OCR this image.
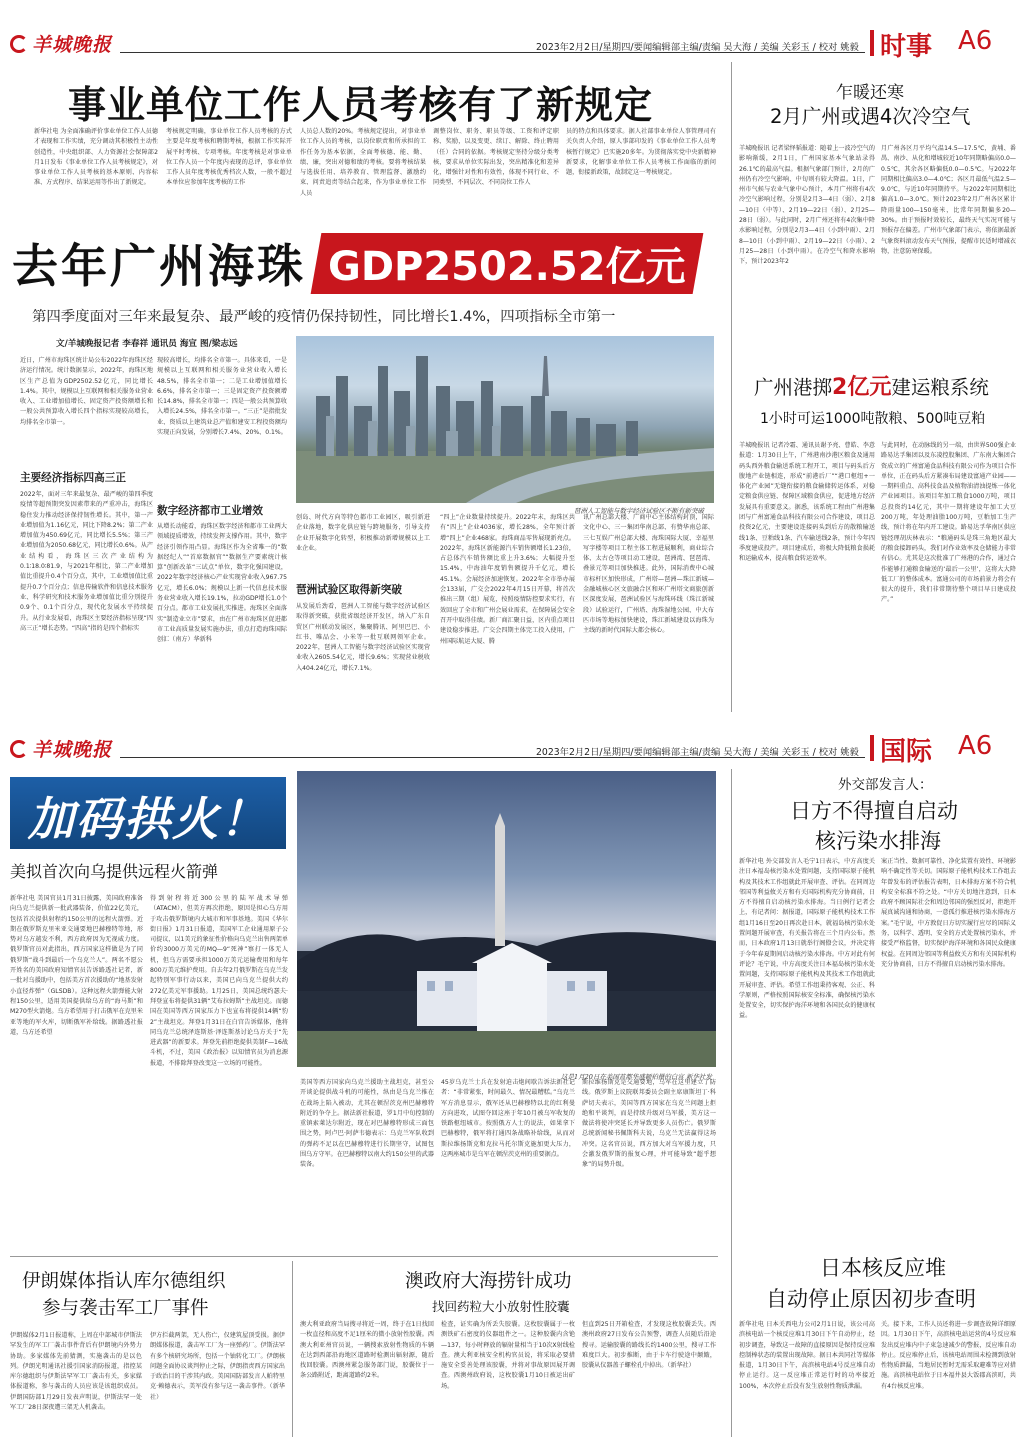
羊城晚报	2023年2月2日/星期四/要闻编辑部主编/责编 吴大海 / 美编 关彩玉 / 校对 姚毅 时事 A6
事业单位工作人员考核有了新规定
新华社电 为全面准确评价事业单位工作人员德才表现和工作实绩，充分调动其积极性主动性创造性，中央组织部、人力资源社会保障部2月1日发布《事业单位工作人员考核规定》，对事业单位工作人员考核的基本原则、内容标准、方式程序、结果运用等作出了新规定。
考核规定明确，事业单位工作人员考核的方式主要是年度考核和聘期考核，根据工作实际开展平时考核、专项考核。年度考核是对事业单位工作人员一个年度内表现的总评，事业单位工作人员年度考核优秀档次人数，一般不超过本单位应参加年度考核的工作
人员总人数的20%。考核规定提出，对事业单位工作人员的考核，以岗位职责和所承担的工作任务为基本依据，全面考核德、能、勤、绩、廉，突出对德和绩的考核。要将考核结果与选拔任用、培养教育、管理监督、激励约束、问责追责等结合起来，作为事业单位工作人员
调整岗位、职务、职员等级、工资和评定职称、奖励，以及变更、续订、解除、终止聘用（任）合同的依据。考核规定坚持分级分类考核，要求从单位实际出发，突出精准化和差异化，增强针对性和有效性，体现不同行业、不同类型、不同层次、不同岗位工作人
员的特点和具体要求。据人社部事业单位人事管理司有关负责人介绍，原人事部印发的《事业单位工作人员考核暂行规定》已实施20多年。为贯彻落实党中央新精神新要求，化解事业单位工作人员考核工作面临的新问题，衔接新政策，故制定这一考核规定。
去年广州海珠 GDP2502.52亿元
第四季度面对三年来最复杂、最严峻的疫情仍保持韧性，同比增长1.4%，四项指标全市第一
文/羊城晚报记者 李春祥 通讯员 海宣 图/梁志远
琶洲人工智能与数字经济试验区不断有新突破
近日，广州市海珠区统计局公布2022年海珠区经济运行情况。统计数据显示，2022年，海珠区地区生产总值为GDP2502.52亿元，同比增长1.4%。其中，规模以上互联网和相关服务业营业收入、工业增加值增长、固定资产投资额增长和一般公共预算收入增长四个指标实现较高增长，均排名全市第一。
主要经济指标四高三正
2022年，面对三年来最复杂、最严峻的第四季度疫情等超预期突发因素带来的严重冲击，海珠区稳住发力推动经济保持韧性增长。其中，第一产业增加值为1.16亿元，同比下降8.2%；第二产业增加值为450.69亿元，同比增长5.5%；第三产业增加值为2050.68亿元，同比增长0.6%。从产业结构看，海珠区三次产业结构为0.1∶18.0∶81.9，与2021年相比，第二产业增加值比重提升0.4个百分点，其中，工业增加值比重提升0.7个百分点；信息传输软件和信息技术服务业、科学研究和技术服务业增加值比重分别提升0.9个、0.1个百分点，现代化发展水平持续提升。从行业发展看，海珠区主要经济指标呈现“四高三正”增长态势。“四高”指的是四个指标实
现较高增长，均排名全市第一。具体来看，一是规模以上互联网和相关服务业营业收入增长48.5%，排名全市第一；二是工业增加值增长6.6%，排名全市第一；三是固定资产投资额增长14.8%，排名全市第一；四是一般公共预算收入增长24.5%，排名全市第一。“三正”是指批发业、资质以上建筑业总产值和建安工程投资额均实现正向发展，分别增长7.4%、20%、0.1%。
数字经济都市工业增效
从增长动能看，海珠区数字经济和都市工业两大领域提质增效，持续发挥支撑作用。其中，数字经济引领作用凸显。海珠区作为全省唯一的“数据经纪人”“首席数据官”“数据生产要素统计核算”创新改革“三试点”单位，数字化强国建设，2022年数字经济核心产业实现营业收入967.75亿元，增长6.0%；规模以上新一代信息技术服务业营业收入增长19.1%，拉动GDP增长1.0个百分点。都市工业发展扎实推进。海珠区全面落实“制造业立市”要求，由在广州市海珠区促进都市工业高质量发展实施办法，重点打造海珠国际创汇（南方）华新科
创岛、时代方向等特色都市工业园区，吸引新进企业落地，数字化供应链与跨境服务，引导支持企业开展数字化转型，积极推动新增规模以上工业企业。
琶洲试验区取得新突破
从发展后劲看，琶洲人工智能与数字经济试验区取得新突破，获批省级经济开发区，纳入广东自贸区广州联动发展区，集聚腾讯、阿里巴巴、小红书、唯品会、小米等一批互联网领军企业。2022年，琶洲人工智能与数字经济试验区实现营业收入2605.54亿元，增长9.6%；实现营业税收入404.24亿元，增长7.1%。
“四上”企业数量持续提升。2022年末，海珠区共有“四上”企业4036家，增长28%，全年预计新增“四上”企业468家。海珠商品零售展现新亮点。2022年，海珠区新能源汽车销售额增长1.23倍，占总体汽车销售额比重上升3.6%；大幅提升至15.4%，中海油年度销售额提升千亿元，增长45.1%。会展经济加速恢复。2022年全市举办展会133届，广交会2022年4月15日开幕，将首次推出三期（组）展览，按照疫情防控要求实行，有效回应了全市和广州会展业需求，在保障展会安全召开中取得佳绩。新厂商汇聚日益，区内重点项目建设稳步推进。广交会四期主体完工投入使用，广州国际航运大厦、腾
讯广州总部大楼、广商中心主体结构封顶，国际文化中心、三一集团华南总部、有赞华南总部、三七互娱广州总部大楼、海珠国际大厦、幸福里写字楼等项目工程主体工程进展顺利，商业综合体、太古仓等项目动工建设，琶洲湾、琶琶湾、叠景元等项目加快推进。此外，国际消费中心城市标杆区加快形成，广州塔—琶洲—珠江新城—金融城核心区文旅融合区和环广州塔文商旅创新区深度发展，琶洲试验区与海珠环线（珠江新城段）试验运行，广州塔、海珠湿地公园、中大布匹市场等地标加快建设，珠江新城建设以海珠为主线的新时代国际大都会核心。
乍暖还寒
2月广州或遇4次冷空气
羊城晚报讯 记者梁怿韬报道：随着上一波冷空气的影响渐缓，2月1日，广州国家基本气象站录得26.1℃的最高气温。根据气象部门预计，2月的广州仍有冷空气影响，中旬则有较大降温。1日，广州市气候与农业气象中心预计，本月广州将有4次冷空气影响过程，分别是2月3—4日（弱）、2月8—10日（中等）、2月19—22日（弱）、2月25—28日（弱）。与此同时，2月广州还将有4次集中降水影响过程，分别是2月3—4日（小到中雨）、2月8—10日（小到中雨）、2月19—22日（小雨）、2月25—28日（小到中雨）。在冷空气和降水影响下，预计2023年2
月广州各区月平均气温14.5—17.5℃，黄埔、番禺、南沙、从化和增城较近10年同期略偏高0.0—0.5℃，其余各区略偏低0.0—0.5℃。与2022年同期相比偏高3.0—4.0℃；各区月最低气温2.5—9.0℃，与近10年同期持平。与2022年同期相比偏高1.0—3.0℃。预计2023年2月广州各区累计降雨量100—150毫米，比常年同期偏多20—30%。由于预报时效较长，最终天气实况可能与预报存在偏差。广州市气象部门表示，将依据最新气象资料滚动发布天气预报，提醒市民适时增减衣物，注意防寒保暖。
广州港掷 2亿元 建运粮系统
1小时可运1000吨散粮、500吨豆粕
羊城晚报讯 记者冷霜、通讯员谢予亮、曹皓、李意报道：1月30日上午，广州港南沙港区粮食及通用码头西外粮食输送系统工程开工，项目与码头后方腹地产业链相连，形成“前港后厂”“港口枢纽+一体化产业园”无缝衔接的粮食输储转运体系，对稳定粮食供应链、保障区域粮食供应，促进地方经济发展具有重要意义。据悉，该系统工程由广州港集团与广州富通食品科技有限公司合作建设，项目总投资2亿元，主要建设连接码头到后方的散粮输送线1条、豆粕线1条、汽车输送线2条，预计今年四季度建成投产。项目建成后，将极大降低粮食损耗和运输成本，提高粮食转运效率。
与此同时，在动脉线的另一端，由世界500强企业路易达孚集团以及东凌控股集团、广东南大集团合资成立的广州富通食品科技有限公司作为项目合作单位，正在码头后方紧凑布局建设富通产业园——一期料重点、高科技食品及植物油清浊提炼一体化产业园项目。该项目年加工粮食1000万吨，项目总投资约14亿元，其中一期将建设年加工大豆200万吨，年处理油脂100万吨，豆粕加工生产线，预计将在年内开工建设。路易达孚华南区供应链经理胡庆林表示：“粮通码头是珠三角地区最大的粮食接卸码头，我们对作业效率及仓储能力非常有信心。尤其是这次批准了广州港的合作，通过合作能够打通粮食输送的‘最后一公里’，这将大大降低工厂的整体成本。富通公司的市场前景力将会有很大的提升，我们非常期待整个项目早日建成投产。”
羊城晚报	2023年2月2日/星期四/要闻编辑部主编/责编 吴大海 / 美编 关彩玉 / 校对 姚毅 国际 A6
加码拱火！
美拟首次向乌提供远程火箭弹
这是1月20日在美国首都华盛顿拍摄的白宫 新华社发
新华社电 美国官员1月31日披露，美国政府准备向乌克兰提供新一批武器装备，价值22亿美元，包括首次提供射程约150公里的远程火箭弹。近期在俄罗斯克里米亚交通要地巴赫穆特等地，形势对乌方越发不利，西方政府因为无视威力度。俄罗斯官员对此指出，西方国家这样做是为了同俄罗斯“战斗到最后一个乌克兰人”。两名不愿公开姓名的美国政府知情官员告诉路透社记者，新一批对乌援助中，包括美方首次援助的“地基发射小直径炸弹”（GLSDB）。这种远程火箭弹能大射程150公里，适用美国提供给乌方的“海马斯”和M270型火箭炮。乌方希望用于打击俄军在克里米亚等地的军火库，切断俄军补给线。据路透社报道，乌方还希望
得到射程将近300公里的陆军战术导弹（ATACM），但美方再次拒绝，原因是担心乌方用于攻击俄罗斯境内大城市和军事基地。美国《华尔街日报》1月31日报道，美国军工企业通用原子公司提议，以1美元的象征性价格向乌克兰出售两架单价约3000万美元的MQ—9“死神”察打一体无人机，但乌方需要承担1000万美元运输费用和每年800万美元维护费用。自去年2月俄罗斯在乌克兰发起特别军事行动以来，美国已向乌克兰提供大约272亿美元军事援助。1月25日，美国总统约瑟夫·拜登宣布将提供31辆“艾布拉姆斯”主战坦克。而德国在美国等西方国家压力下也宣布将提供14辆“豹2”主战坦克。拜登1月31日在白宫告诉媒体，他将同乌克兰总统泽连斯基·泽连斯基讨论乌方关于“先进武器”的新要求。拜登先前拒绝提供美制F—16战斗机，不过，美国《政治报》以知情官员为消息源报道，不排除拜登改变这一立场的可能性。
美国等西方国家向乌克兰援助主战坦克，甚至公开谈论提供战斗机的可能性，纵由是乌克兰推在在战场上陷入被动，尤其在顿涅茨克州巴赫穆特附近的争夺上。据法新社报道，罗1月中旬控制的重镇索莱达尔附近，现在对巴赫穆特形成三面包围之势，阿卢巴·阿萨韦德表示：乌克兰军队收到的弹药不足以在巴赫穆特进行长期坚守，试图包围乌方守军。在巴赫穆特以南大约150公里的武器装备。
45岁乌克兰士兵在发射迫击炮间歇告诉法新社记者：“非常紧张，时间最久、情况最糟糕。”乌克兰军方消息显示，俄军还从巴赫穆特以北的红利曼方向进攻，试图夺回这座于年10月被乌军收复的铁路枢纽城市。按照俄方人士的说法，如果拿下巴赫穆特，俄军将打通四条战略补给线，从而对斯拉维扬斯克和克拉马托尔斯克施加更大压力，这两座城市是乌军在顿涅茨克州的重要据点。
斯拉维扬斯克是交通要地，乌军在这里建立了防线。俄罗斯上议院联邦委员会副主席康斯坦丁·科萨切夫表示，美国等西方国家在乌克兰问题上拒绝和平谈判，而是持续升级对乌军援，美方这一做法将使冲突延长并导致更多人员伤亡。俄罗斯总统新闻秘书佩斯科夫说，乌克兰无法赢得这场冲突。这名官员说，西方加大对乌军援力度，只会激发俄罗斯的报复心理，并可能导致“超乎想象”的局势升级。
外交部发言人：
日方不得擅自启动
核污染水排海
新华社电 外交部发言人毛宁1日表示，中方高度关注日本福岛核污染水处置问题，支持国际原子能机构及其技术工作组就此开展审查、评估。在同周边邻国等利益攸关方和有关国际机构充分协商前，日方不得擅自启动核污染水排海。当日例行记者会上，有记者问：据报道，国际原子能机构技术工作组1月16日至20日再次赴日本，就福岛核污染水处置问题开展审查，有关报告将在三个月内公布。然而，日本政府1月13日就举行阁僚会议，并决定将于今年春夏期间启动核污染水排海。中方对此有何评论？毛宁说，中方高度关注日本福岛核污染水处置问题，支持国际原子能机构及其技术工作组就此开展审查、评估。希望工作组秉持客观、公正、科学原则，严格按照国际核安全标准，确保核污染水处置安全，切实保护海洋环境和各国民众的健康权益。
案正当性、数据可靠性、净化装置有效性、环境影响不确定性等关切。国际原子能机构技术工作组去年曾发布的评估报告表明，日本排海方案不符合机构安全标准不符之处。“中方关切地注意到，日本政府不顾国际社会和周边邻国的强烈反对，拒绝开展真诚沟通和协商，一意孤行推进核污染水排海方案。”毛宁说，中方敦促日方切实履行应尽的国际义务，以科学、透明、安全的方式处置核污染水，并接受严格监督，切实保护海洋环境和各国民众健康权益。在同周边邻国等利益攸关方和有关国际机构充分协商前，日方不得擅自启动核污染水排海。
日本核反应堆
自动停止原因初步查明
新华社电 日本关西电力公司2月1日说，该公司高滨核电站一个核反应堆1月30日下午自动停止，经初步调查，导致这一故障的直接原因是保持反应堆控制棒状态的装置出现故障。据日本共同社等媒体报道，1月30日下午，高滨核电站4号反应堆自动停止运行。这一反应堆正常运行时的功率接近100%，本次停止后没有发生放射性物质泄漏。
关。接下来，工作人员还将进一步调查故障详细原因。1月30日下午，高滨核电站运营的4号反应堆发出反应堆内中子束急速减少的警报，反应堆自动停止。反应堆停止后，该核电站周围未检测到放射性物质泄漏，当地居民暂时无需采取避难等应对措施。高滨核电站位于日本福井县大饭郡高滨町，共有4台核反应堆。
伊朗媒体指认库尔德组织
参与袭击军工厂事件
伊朗媒体2月1日报道称，上周在中部城市伊斯法罕发生的军工厂袭击事件背后有伊朗境内外势力协助。多家媒体先前猜测，实施袭击的是以色列。伊朗光明通讯社援引国家消防报道，指控某库尔德组织与伊斯法罕军工厂袭击有关，多家媒体报道称，参与袭击的人员应该是该组织成员。伊朗国防部1月29日发表声明说，伊斯法罕一处军工厂28日深夜遭三架无人机袭击。
伊方拦截两架，无人伤亡，仅建筑屋顶受损。据伊朗媒体报道，袭击军工厂为一座弹药厂。伊斯法罕有多个核研究场所，包括一个铀转化工厂。伊朗核问题全面协议谈判停止之际，伊朗指责西方国家出于政治目的干涉其内政。美国国防部发言人帕特里克·赖德表示，美军没有参与这一袭击事件。（新华社）
澳政府大海捞针成功
找回药粒大小放射性胶囊
澳大利亚政府当局搜寻将近一周，终于在1日找回一枚直径和高度不足1厘米的微小放射性胶囊。西澳大利亚州官员说，一辆搜索放射性物质的车辆在达到西部沿海地区道路时检测出辐射源，随后找回胶囊。西澳州紧急服务部门说，胶囊位于一条公路附近，距离道路约2米。
检查，证实确为所丢失胶囊。这枚胶囊属于一枚测铁矿石密度的仪器组件之一。这种胶囊内含铯—137，每小时释放的辐射量相当于10次X射线检查。澳大利亚核安全机构官员说，将采取必要措施安全妥善处理该胶囊，并将对事故原因展开调查。西澳州政府说，这枚胶囊1月10日被运出矿场。
但直到25日开箱检查，才发现这枚胶囊丢失。西澳州政府27日发布公告预警，调查人员随后沿途搜寻。运输胶囊的路线长约1400公里，搜寻工作难度巨大。初步推断，由于卡车行驶途中颠簸，胶囊从仪器盖子螺栓孔中掉出。（新华社）
